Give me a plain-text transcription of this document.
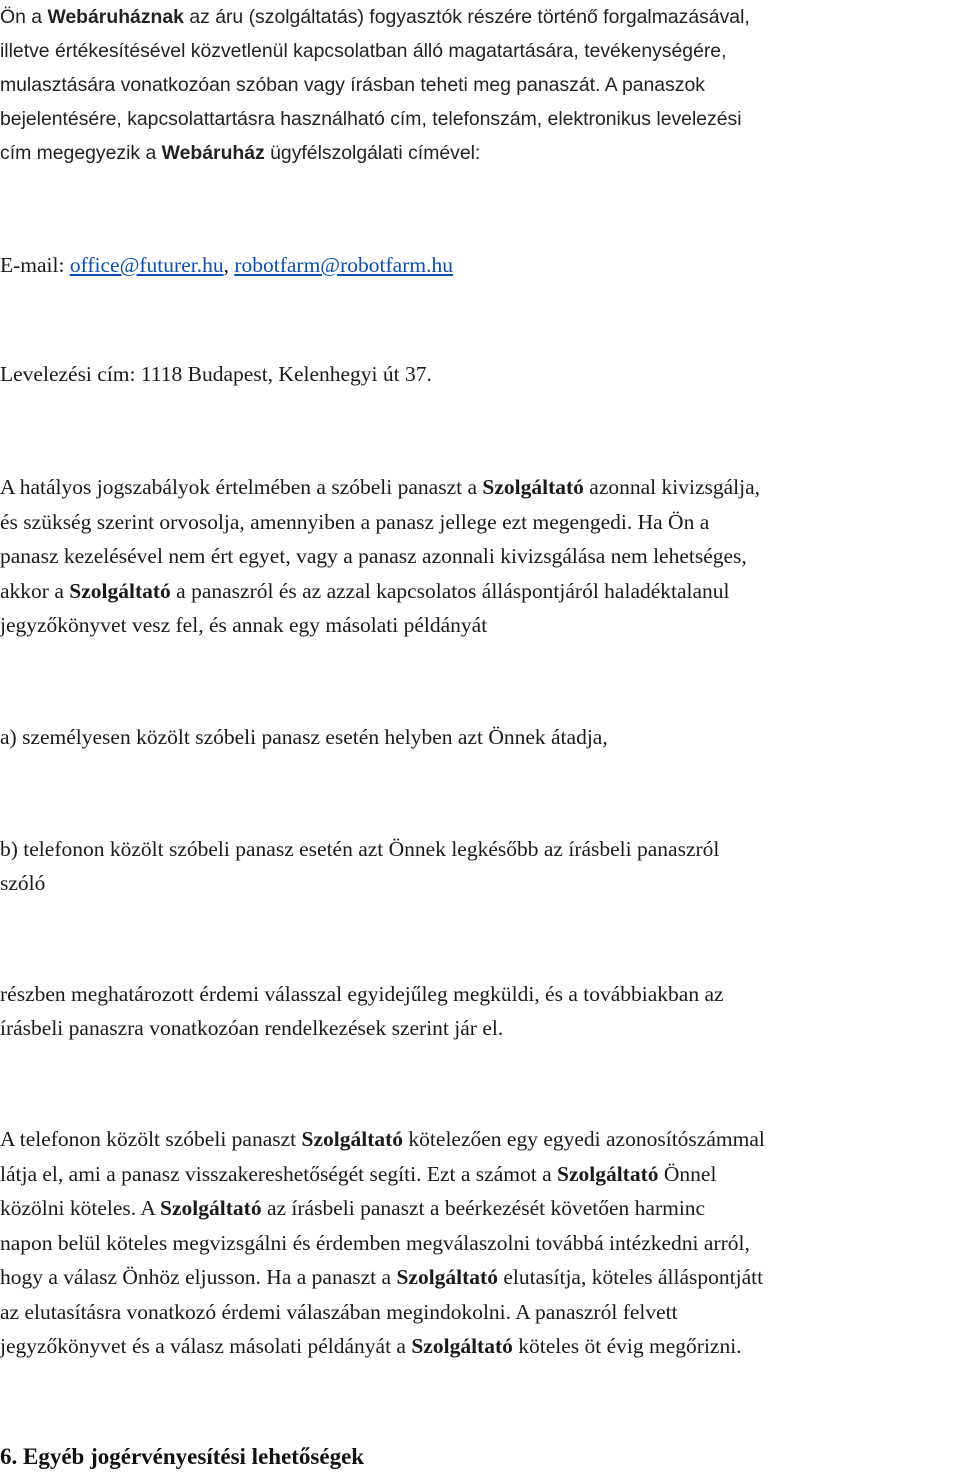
Ön a Webáruháznak az áru (szolgáltatás) fogyasztók részére történő forgalmazásával,

illetve értékesítésével közvetlenül kapcsolatban álló magatartására, tevékenységére,

mulasztására vonatkozóan szóban vagy írásban teheti meg panaszát. A panaszok

bejelentésére, kapcsolattartásra használható cím, telefonszám, elektronikus levelezési

cím megegyezik a Webáruház ügyfélszolgálati címével:

E-mail: office@futurer.hu, robotfarm@robotfarm.hu

Levelezési cím: 1118 Budapest, Kelenhegyi út 37.

A hatályos jogszabályok értelmében a szóbeli panaszt a Szolgáltató azonnal kivizsgálja,

és szükség szerint orvosolja, amennyiben a panasz jellege ezt megengedi. Ha Ön a

panasz kezelésével nem ért egyet, vagy a panasz azonnali kivizsgálása nem lehetséges,

akkor a Szolgáltató a panaszról és az azzal kapcsolatos álláspontjáról haladéktalanul

jegyzőkönyvet vesz fel, és annak egy másolati példányát

a) személyesen közölt szóbeli panasz esetén helyben azt Önnek átadja,

b) telefonon közölt szóbeli panasz esetén azt Önnek legkésőbb az írásbeli panaszról

szóló

részben meghatározott érdemi válasszal egyidejűleg megküldi, és a továbbiakban az

írásbeli panaszra vonatkozóan rendelkezések szerint jár el.

A telefonon közölt szóbeli panaszt Szolgáltató kötelezően egy egyedi azonosítószámmal

látja el, ami a panasz visszakereshetőségét segíti. Ezt a számot a Szolgáltató Önnel

közölni köteles. A Szolgáltató az írásbeli panaszt a beérkezését követően harminc

napon belül köteles megvizsgálni és érdemben megválaszolni továbbá intézkedni arról,

hogy a válasz Önhöz eljusson. Ha a panaszt a Szolgáltató elutasítja, köteles álláspontjátt

az elutasításra vonatkozó érdemi válaszában megindokolni. A panaszról felvett

jegyzőkönyvet és a válasz másolati példányát a Szolgáltató köteles öt évig megőrizni.

6. Egyéb jogérvényesítési lehetőségek
